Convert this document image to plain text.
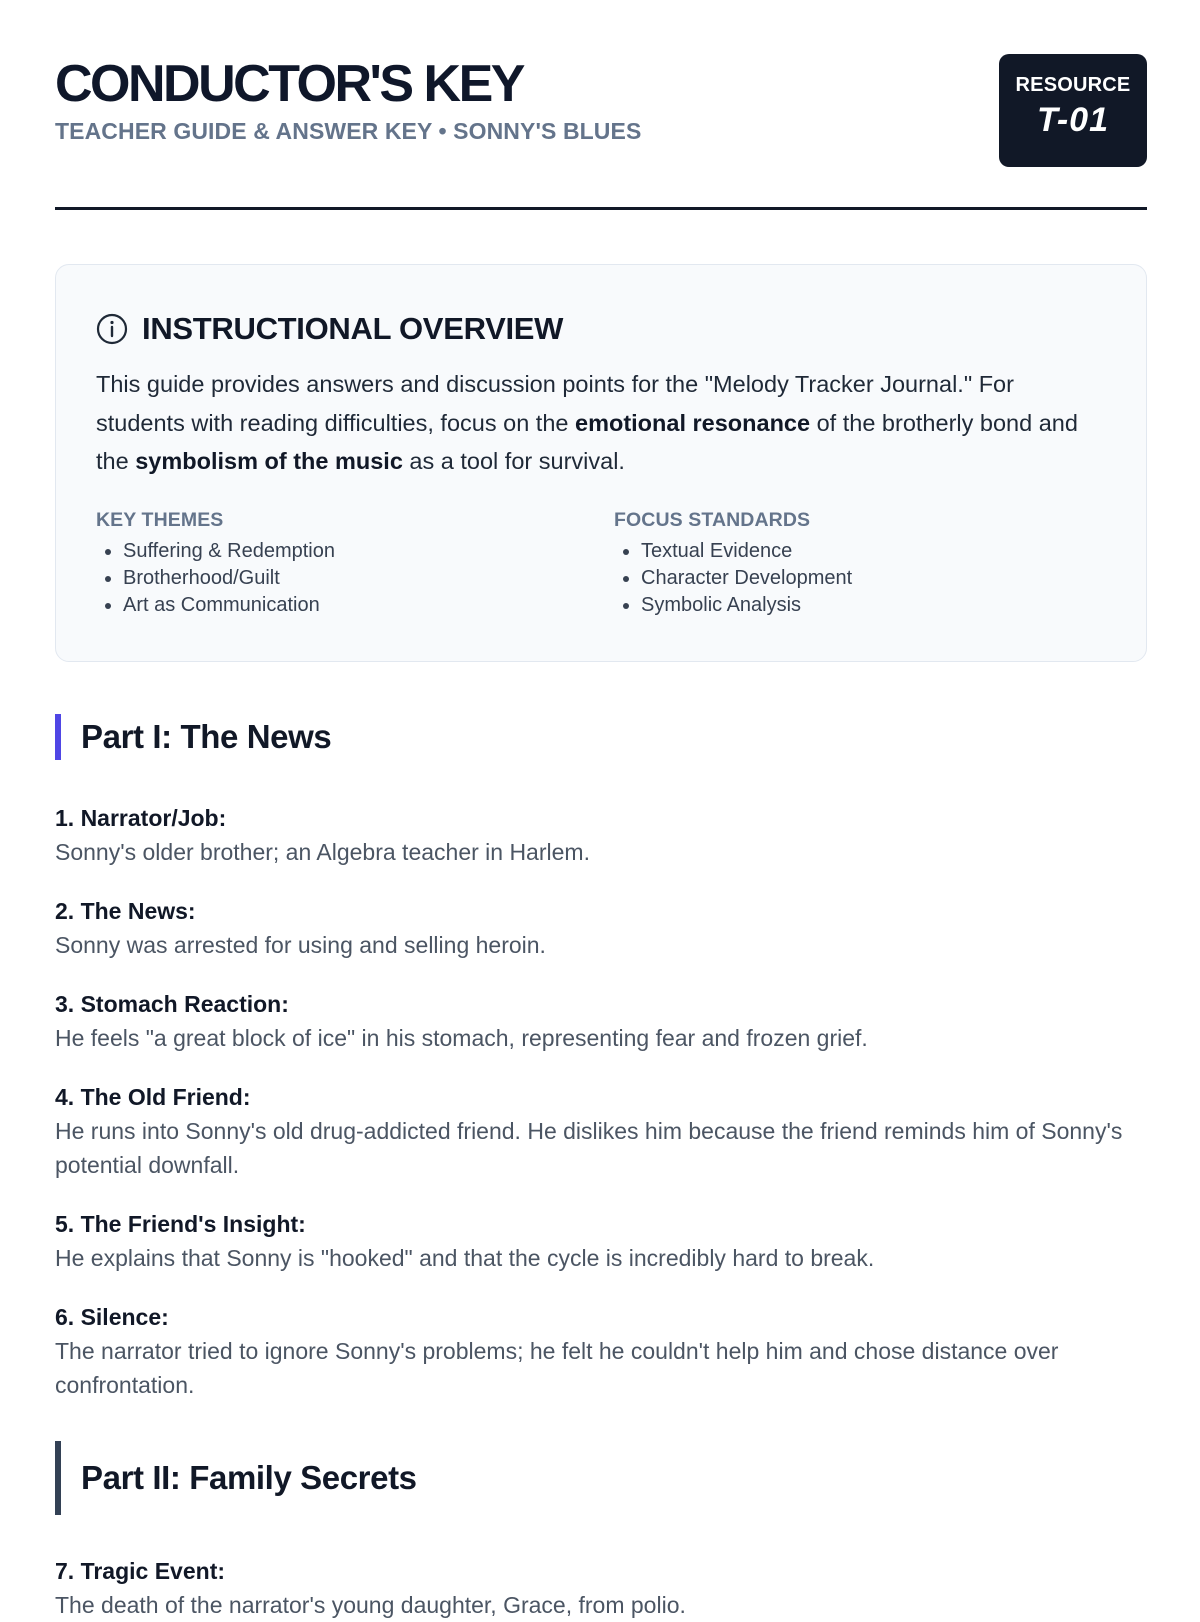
CONDUCTOR'S KEY

TEACHER GUIDE & ANSWER KEY • SONNY'S BLUES

RESOURCE
T-01
INSTRUCTIONAL OVERVIEW

This guide provides answers and discussion points for the "Melody Tracker Journal." For students with reading difficulties, focus on the emotional resonance of the brotherly bond and the symbolism of the music as a tool for survival.

KEY THEMES

• Suffering & Redemption
• Brotherhood/Guilt
• Art as Communication

FOCUS STANDARDS

• Textual Evidence
• Character Development
• Symbolic Analysis
Part I: The News

1. Narrator/Job:

Sonny's older brother; an Algebra teacher in Harlem.

2. The News:

Sonny was arrested for using and selling heroin.

3. Stomach Reaction:

He feels "a great block of ice" in his stomach, representing fear and frozen grief.

4. The Old Friend:

He runs into Sonny's old drug-addicted friend. He dislikes him because the friend reminds him of Sonny's potential downfall.

5. The Friend's Insight:

He explains that Sonny is "hooked" and that the cycle is incredibly hard to break.

6. Silence:

The narrator tried to ignore Sonny's problems; he felt he couldn't help him and chose distance over confrontation.

Part II: Family Secrets

7. Tragic Event:

The death of the narrator's young daughter, Grace, from polio.
